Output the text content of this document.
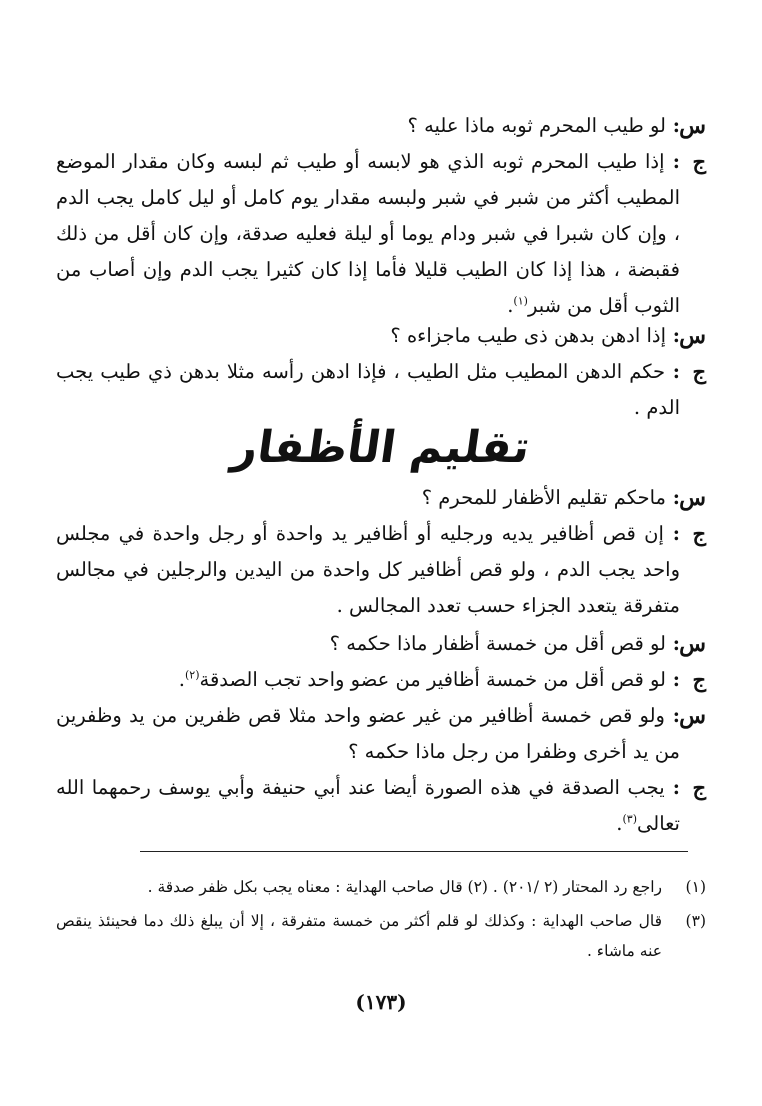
س
: لو طيب المحرم ثوبه ماذا عليه ؟
ج
: إذا طيب المحرم ثوبه الذي هو لابسه أو طيب ثم لبسه وكان مقدار الموضع المطيب أكثر من شبر في شبر ولبسه مقدار يوم كامل أو ليل كامل يجب الدم ، وإن كان شبرا في شبر ودام يوما أو ليلة فعليه صدقة، وإن كان أقل من ذلك فقبضة ، هذا إذا كان الطيب قليلا فأما إذا كان كثيرا يجب الدم وإن أصاب من الثوب أقل من شبر$^{(١)}$.
س
: إذا ادهن بدهن ذى طيب ماجزاءه ؟
ج
: حكم الدهن المطيب مثل الطيب ، فإذا ادهن رأسه مثلا بدهن ذي طيب يجب الدم .
تقليم الأظفار
س
: ماحكم تقليم الأظفار للمحرم ؟
ج
: إن قص أظافير يديه ورجليه أو أظافير يد واحدة أو رجل واحدة في مجلس واحد يجب الدم ، ولو قص أظافير كل واحدة من اليدين والرجلين في مجالس متفرقة يتعدد الجزاء حسب تعدد المجالس .
س
: لو قص أقل من خمسة أظفار ماذا حكمه ؟
ج
: لو قص أقل من خمسة أظافير من عضو واحد تجب الصدقة$^{(٢)}$.
س
: ولو قص خمسة أظافير من غير عضو واحد مثلا قص ظفرين من يد وظفرين من يد أخرى وظفرا من رجل ماذا حكمه ؟
ج
: يجب الصدقة في هذه الصورة أيضا عند أبي حنيفة وأبي يوسف رحمهما الله تعالى$^{(٣)}$.
(١)
راجع رد المحتار (٢ /٢٠١) . (٢) قال صاحب الهداية : معناه يجب بكل ظفر صدقة .
(٣)
قال صاحب الهداية : وكذلك لو قلم أكثر من خمسة متفرقة ، إلا أن يبلغ ذلك دما فحينئذ ينقص عنه ماشاء .
(١٧٣)
